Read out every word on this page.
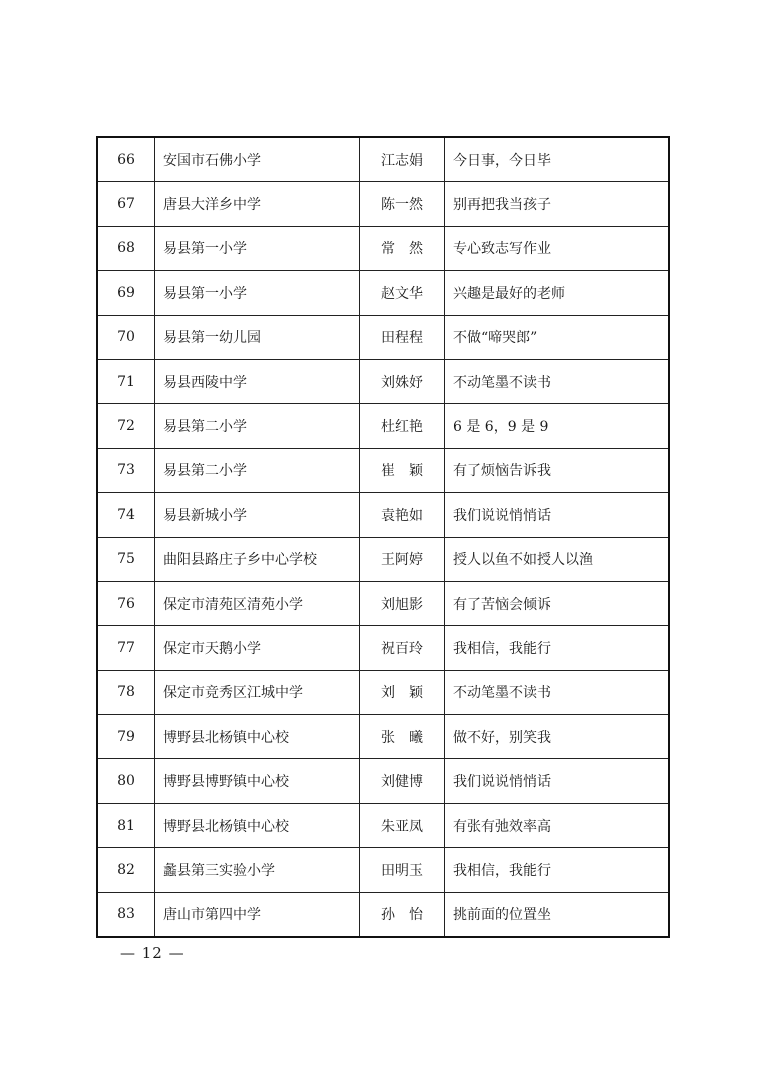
66	安国市石佛小学	江志娟	今日事，今日毕
67	唐县大洋乡中学	陈一然	别再把我当孩子
68	易县第一小学	常　然	专心致志写作业
69	易县第一小学	赵文华	兴趣是最好的老师
70	易县第一幼儿园	田程程	不做“啼哭郎”
71	易县西陵中学	刘姝妤	不动笔墨不读书
72	易县第二小学	杜红艳	6 是 6，9 是 9
73	易县第二小学	崔　颖	有了烦恼告诉我
74	易县新城小学	袁艳如	我们说说悄悄话
75	曲阳县路庄子乡中心学校	王阿婷	授人以鱼不如授人以渔
76	保定市清苑区清苑小学	刘旭影	有了苦恼会倾诉
77	保定市天鹅小学	祝百玲	我相信，我能行
78	保定市竞秀区江城中学	刘　颖	不动笔墨不读书
79	博野县北杨镇中心校	张　曦	做不好，别笑我
80	博野县博野镇中心校	刘健博	我们说说悄悄话
81	博野县北杨镇中心校	朱亚凤	有张有弛效率高
82	蠡县第三实验小学	田明玉	我相信，我能行
83	唐山市第四中学	孙　怡	挑前面的位置坐
— 12 —
